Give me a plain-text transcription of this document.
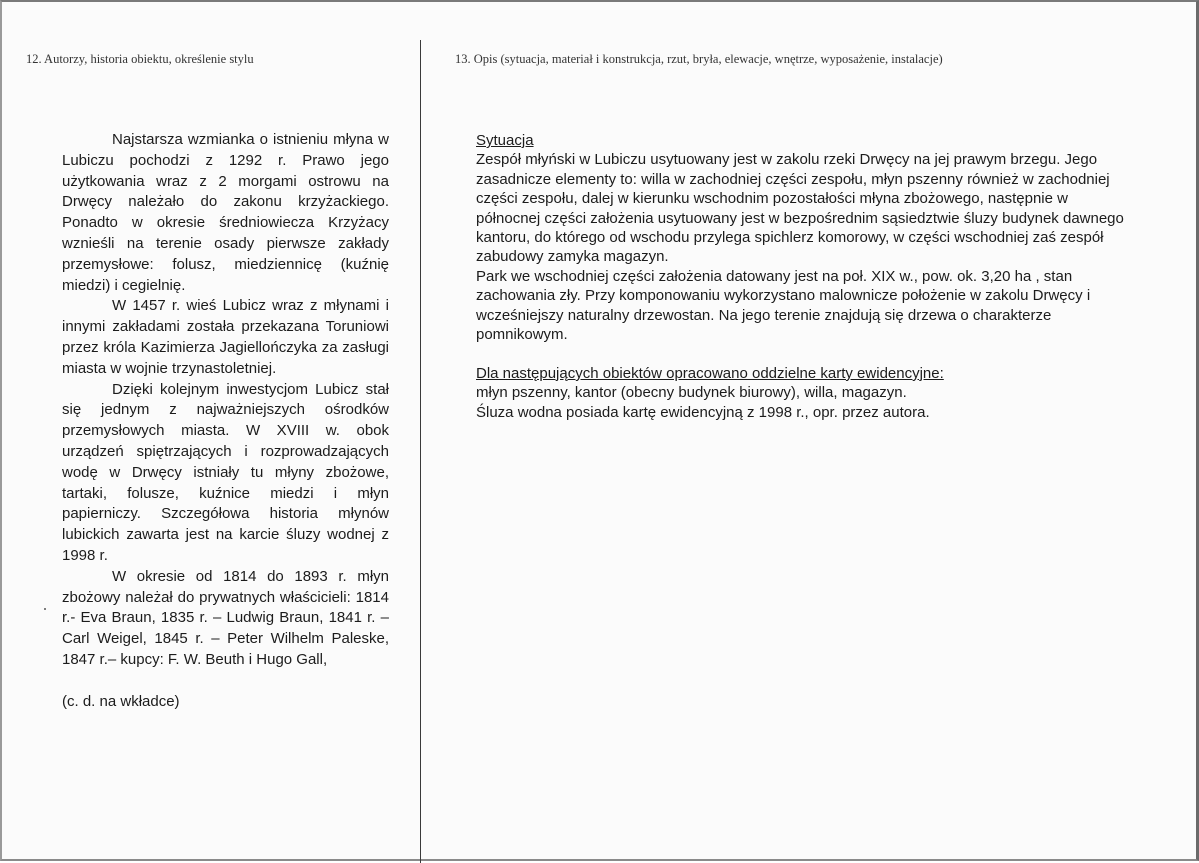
12. Autorzy, historia obiektu, określenie stylu	13. Opis (sytuacja, materiał i konstrukcja, rzut, bryła, elewacje, wnętrze, wyposażenie, instalacje)

Najstarsza wzmianka o istnieniu młyna w Lubiczu pochodzi z 1292 r. Prawo jego użytkowania wraz z 2 morgami ostrowu na Drwęcy należało do zakonu krzyżackiego. Ponadto w okresie średniowiecza Krzyżacy wznieśli na terenie osady pierwsze zakłady przemysłowe: folusz, miedziennicę (kuźnię miedzi) i cegielnię.

W 1457 r. wieś Lubicz wraz z młynami i innymi zakładami została przekazana Toruniowi przez króla Kazimierza Jagiellończyka za zasługi miasta w wojnie trzynastoletniej.

Dzięki kolejnym inwestycjom Lubicz stał się jednym z najważniejszych ośrodków przemysłowych miasta. W XVIII w. obok urządzeń spiętrzających i rozprowadzających wodę w Drwęcy istniały tu młyny zbożowe, tartaki, folusze, kuźnice miedzi i młyn papierniczy. Szczegółowa historia młynów lubickich zawarta jest na karcie śluzy wodnej z 1998 r.

W okresie od 1814 do 1893 r. młyn zbożowy należał do prywatnych właścicieli: 1814 r.- Eva Braun, 1835 r. – Ludwig Braun, 1841 r. – Carl Weigel, 1845 r. – Peter Wilhelm Paleske, 1847 r.– kupcy: F. W. Beuth i Hugo Gall,

(c. d. na wkładce)

Sytuacja

Zespół młyński w Lubiczu usytuowany jest w zakolu rzeki Drwęcy na jej prawym brzegu. Jego zasadnicze elementy to: willa w zachodniej części zespołu, młyn pszenny również w zachodniej części zespołu, dalej w kierunku wschodnim pozostałości młyna zbożowego, następnie w północnej części założenia usytuowany jest w bezpośrednim sąsiedztwie śluzy budynek dawnego kantoru, do którego od wschodu przylega spichlerz komorowy, w części wschodniej zaś zespół zabudowy zamyka magazyn.

Park we wschodniej części założenia datowany jest na poł. XIX w., pow. ok. 3,20 ha , stan zachowania zły. Przy komponowaniu wykorzystano malownicze położenie w zakolu Drwęcy i wcześniejszy naturalny drzewostan. Na jego terenie znajdują się drzewa o charakterze pomnikowym.

Dla następujących obiektów opracowano oddzielne karty ewidencyjne:

młyn pszenny, kantor (obecny budynek biurowy), willa, magazyn.

Śluza wodna posiada kartę ewidencyjną z 1998 r., opr. przez autora.
